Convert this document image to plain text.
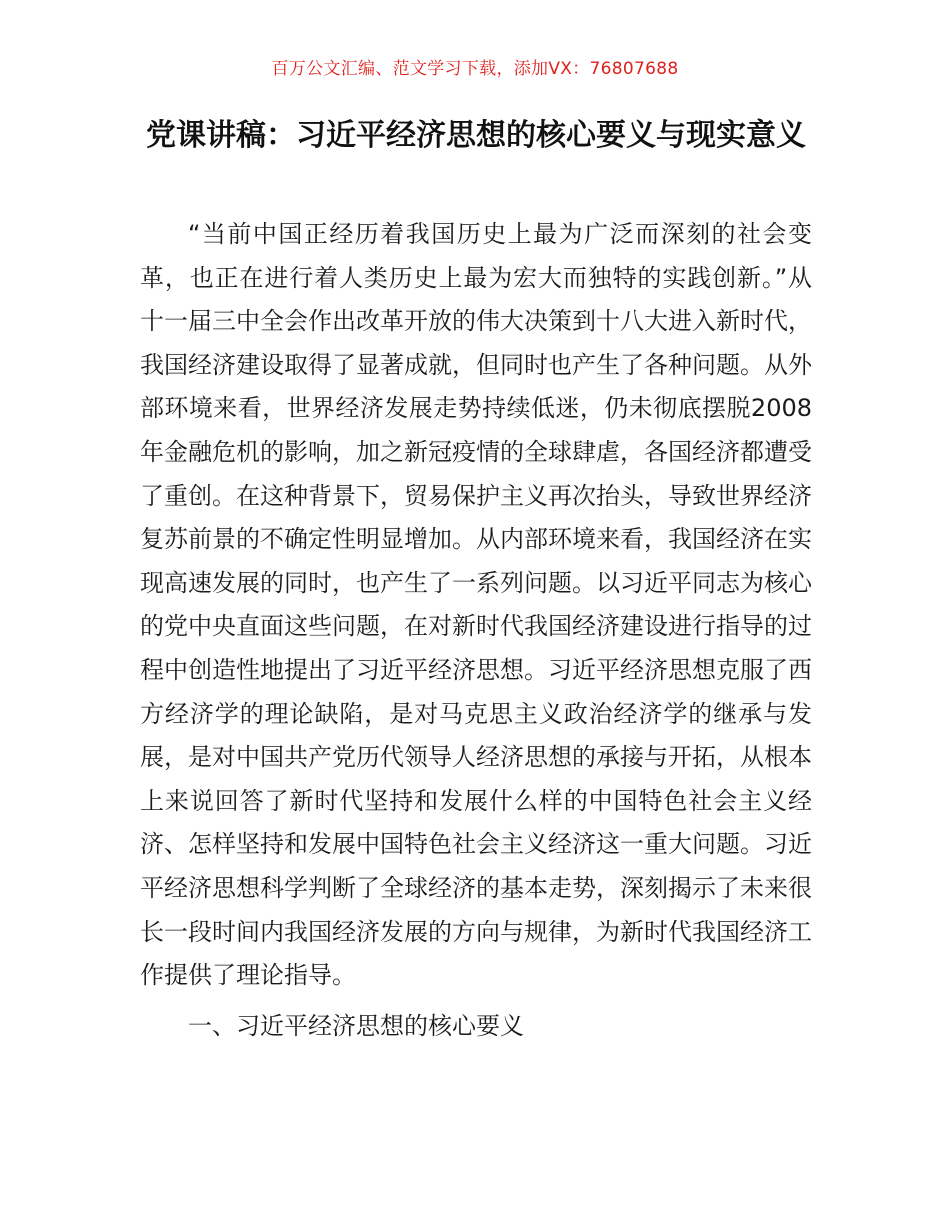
百万公文汇编、范文学习下载，添加VX：76807688
党课讲稿：习近平经济思想的核心要义与现实意义

“当前中国正经历着我国历史上最为广泛而深刻的社会变革，也正在进行着人类历史上最为宏大而独特的实践创新。”从十一届三中全会作出改革开放的伟大决策到十八大进入新时代，我国经济建设取得了显著成就，但同时也产生了各种问题。从外部环境来看，世界经济发展走势持续低迷，仍未彻底摆脱2008年金融危机的影响，加之新冠疫情的全球肆虐，各国经济都遭受了重创。在这种背景下，贸易保护主义再次抬头，导致世界经济复苏前景的不确定性明显增加。从内部环境来看，我国经济在实现高速发展的同时，也产生了一系列问题。以习近平同志为核心的党中央直面这些问题，在对新时代我国经济建设进行指导的过程中创造性地提出了习近平经济思想。习近平经济思想克服了西方经济学的理论缺陷，是对马克思主义政治经济学的继承与发展，是对中国共产党历代领导人经济思想的承接与开拓，从根本上来说回答了新时代坚持和发展什么样的中国特色社会主义经济、怎样坚持和发展中国特色社会主义经济这一重大问题。习近平经济思想科学判断了全球经济的基本走势，深刻揭示了未来很长一段时间内我国经济发展的方向与规律，为新时代我国经济工作提供了理论指导。

一、习近平经济思想的核心要义
